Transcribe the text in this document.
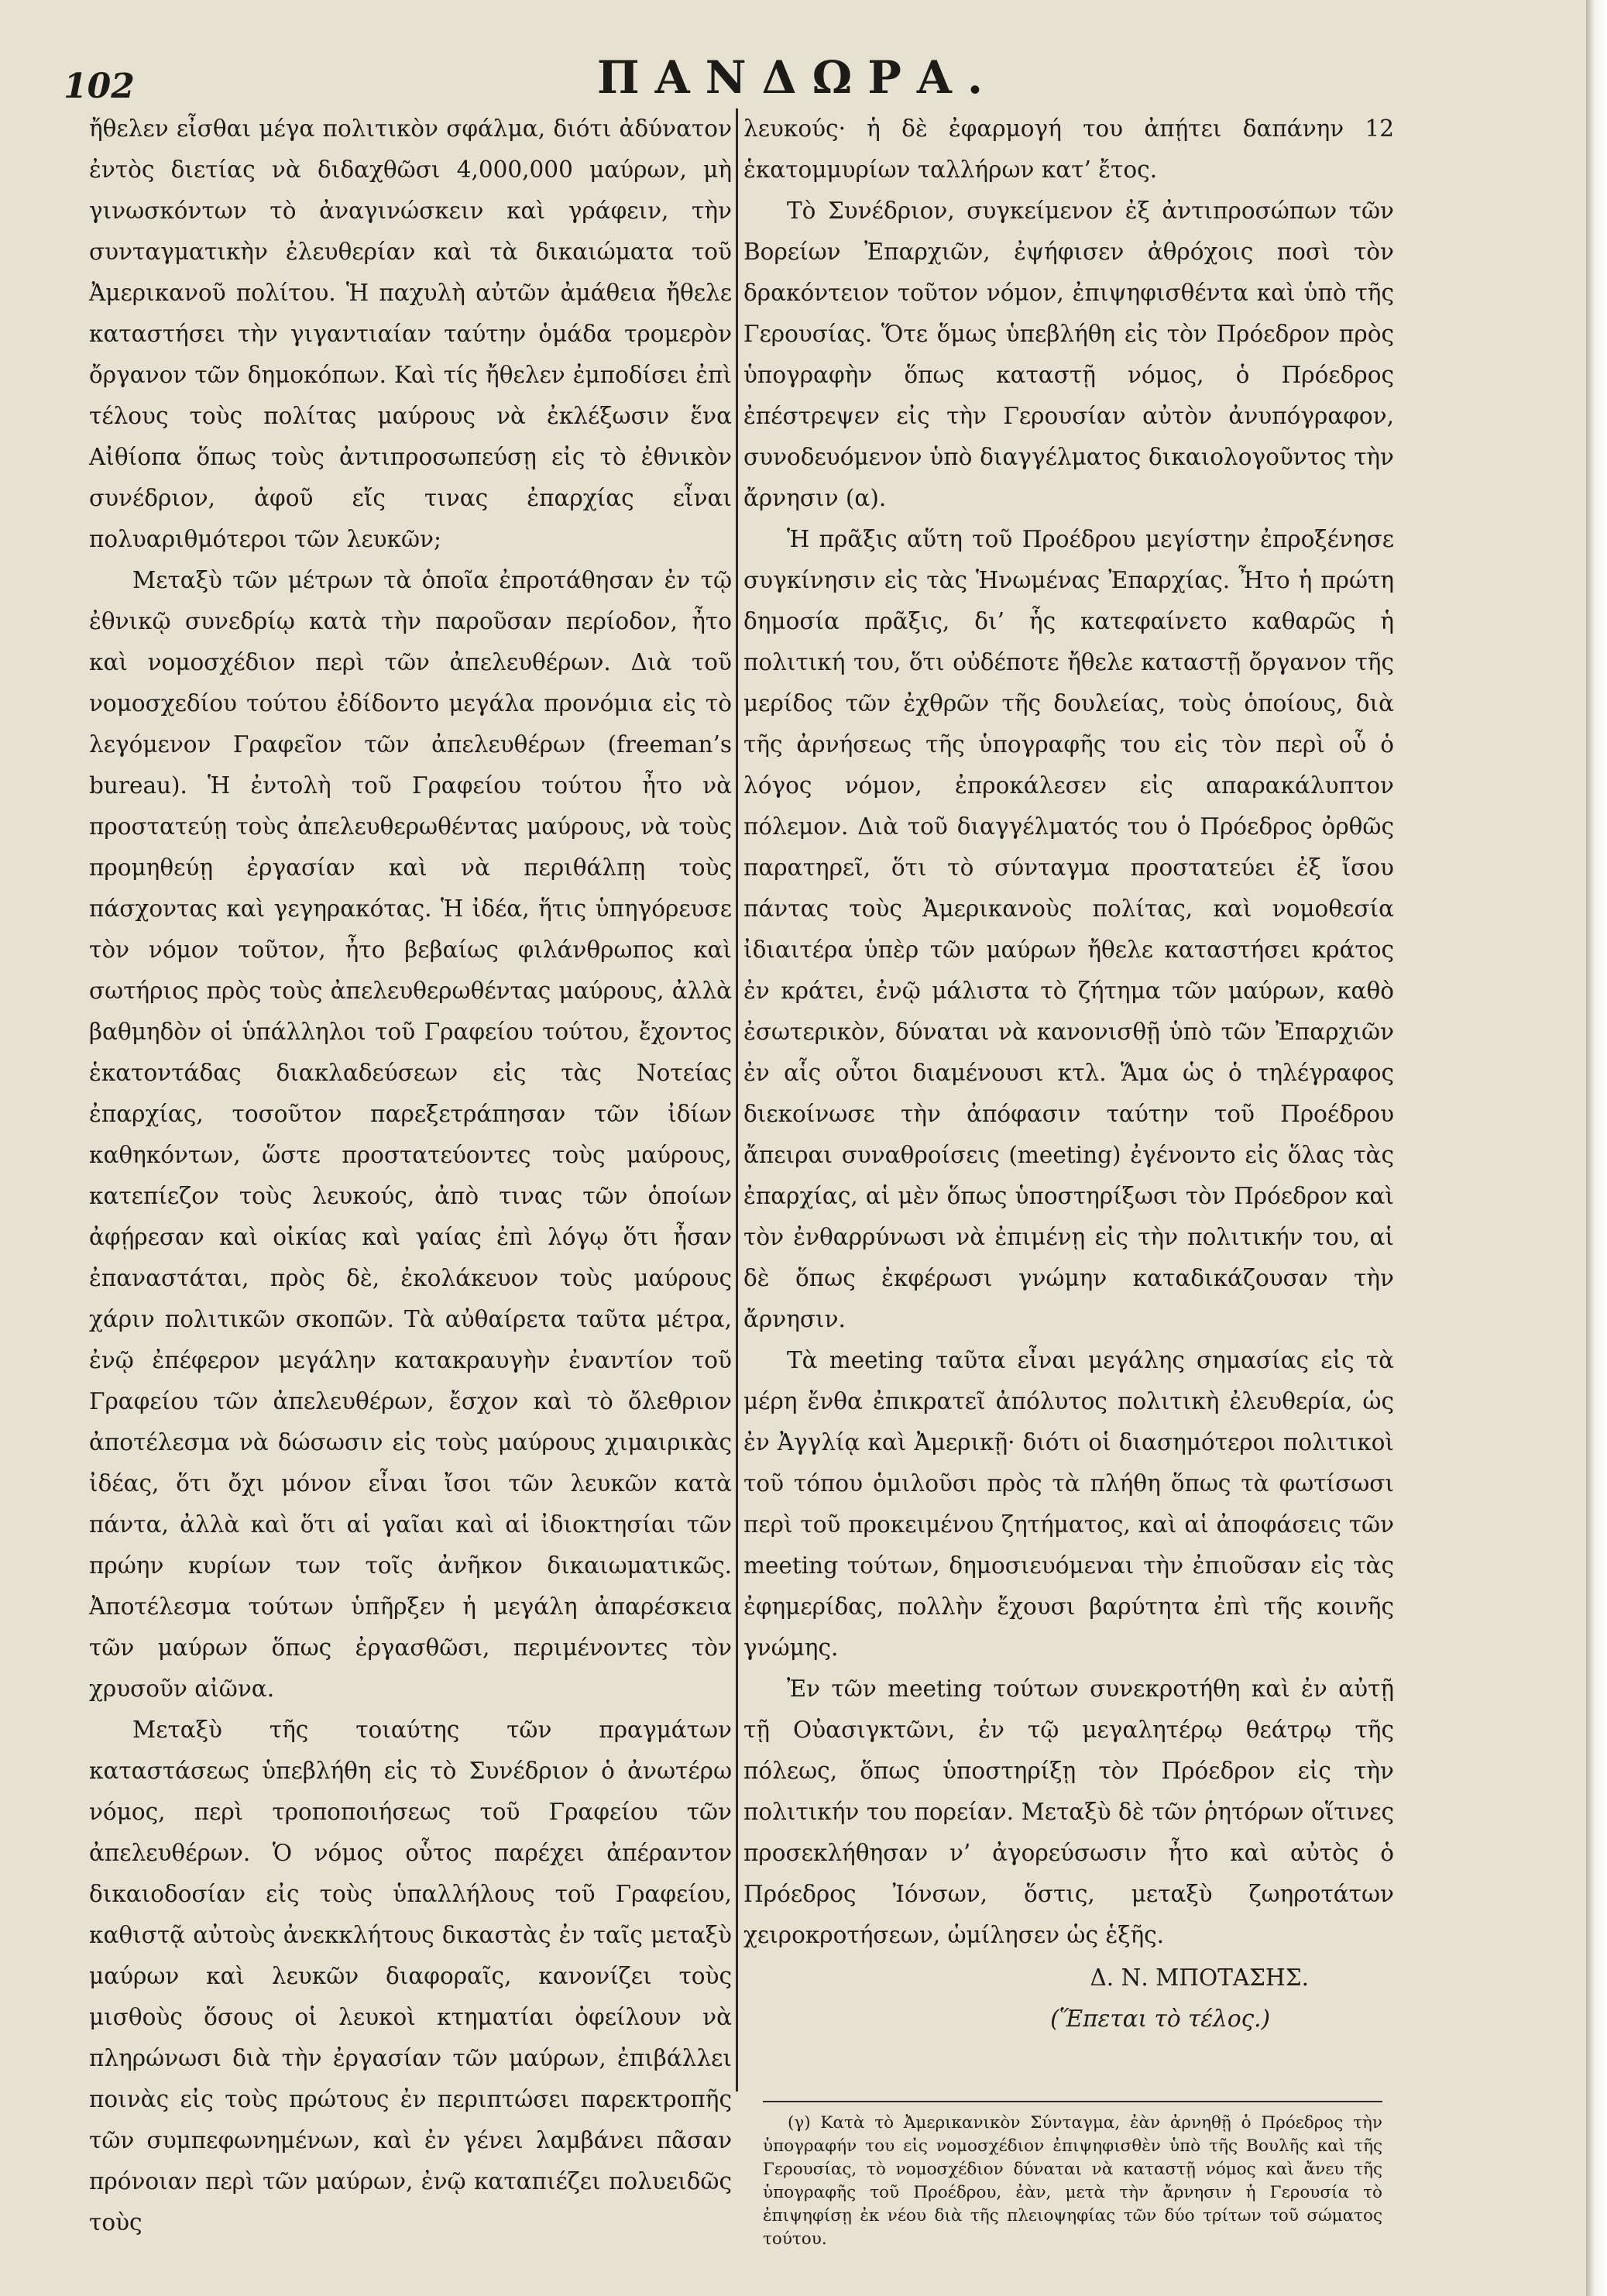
102	ΠΑΝΔΩΡΑ.

ἤθελεν εἶσθαι μέγα πολιτικὸν σφάλμα, διότι ἀδύνατον ἐντὸς διετίας νὰ διδαχθῶσι 4,000,000 μαύρων, μὴ γινωσκόντων τὸ ἀναγινώσκειν καὶ γράφειν, τὴν συνταγματικὴν ἐλευθερίαν καὶ τὰ δικαιώματα τοῦ Ἀμερικανοῦ πολίτου. Ἡ παχυλὴ αὐτῶν ἀμάθεια ἤθελε καταστήσει τὴν γιγαντιαίαν ταύτην ὁμάδα τρομερὸν ὄργανον τῶν δημοκόπων. Καὶ τίς ἤθελεν ἐμποδίσει ἐπὶ τέλους τοὺς πολίτας μαύρους νὰ ἐκλέξωσιν ἕνα Αἰθίοπα ὅπως τοὺς ἀντιπροσωπεύσῃ εἰς τὸ ἐθνικὸν συνέδριον, ἀφοῦ εἴς τινας ἐπαρχίας εἶναι πολυαριθμότεροι τῶν λευκῶν;

Μεταξὺ τῶν μέτρων τὰ ὁποῖα ἐπροτάθησαν ἐν τῷ ἐθνικῷ συνεδρίῳ κατὰ τὴν παροῦσαν περίοδον, ἦτο καὶ νομοσχέδιον περὶ τῶν ἀπελευθέρων. Διὰ τοῦ νομοσχεδίου τούτου ἐδίδοντο μεγάλα προνόμια εἰς τὸ λεγόμενον Γραφεῖον τῶν ἀπελευθέρων (freeman’s bureau). Ἡ ἐντολὴ τοῦ Γραφείου τούτου ἦτο νὰ προστατεύῃ τοὺς ἀπελευθερωθέντας μαύρους, νὰ τοὺς προμηθεύῃ ἐργασίαν καὶ νὰ περιθάλπῃ τοὺς πάσχοντας καὶ γεγηρακότας. Ἡ ἰδέα, ἥτις ὑπηγόρευσε τὸν νόμον τοῦτον, ἦτο βεβαίως φιλάνθρωπος καὶ σωτήριος πρὸς τοὺς ἀπελευθερωθέντας μαύρους, ἀλλὰ βαθμηδὸν οἱ ὑπάλληλοι τοῦ Γραφείου τούτου, ἔχοντος ἑκατοντάδας διακλαδεύσεων εἰς τὰς Νοτείας ἐπαρχίας, τοσοῦτον παρεξετράπησαν τῶν ἰδίων καθηκόντων, ὥστε προστατεύοντες τοὺς μαύρους, κατεπίεζον τοὺς λευκούς, ἀπὸ τινας τῶν ὁποίων ἀφῄρεσαν καὶ οἰκίας καὶ γαίας ἐπὶ λόγῳ ὅτι ἦσαν ἐπαναστάται, πρὸς δὲ, ἐκολάκευον τοὺς μαύρους χάριν πολιτικῶν σκοπῶν. Τὰ αὐθαίρετα ταῦτα μέτρα, ἐνῷ ἐπέφερον μεγάλην κατακραυγὴν ἐναντίον τοῦ Γραφείου τῶν ἀπελευθέρων, ἔσχον καὶ τὸ ὄλεθριον ἀποτέλεσμα νὰ δώσωσιν εἰς τοὺς μαύρους χιμαιρικὰς ἰδέας, ὅτι ὄχι μόνον εἶναι ἴσοι τῶν λευκῶν κατὰ πάντα, ἀλλὰ καὶ ὅτι αἱ γαῖαι καὶ αἱ ἰδιοκτησίαι τῶν πρώην κυρίων των τοῖς ἀνῆκον δικαιωματικῶς. Ἀποτέλεσμα τούτων ὑπῆρξεν ἡ μεγάλη ἀπαρέσκεια τῶν μαύρων ὅπως ἐργασθῶσι, περιμένοντες τὸν χρυσοῦν αἰῶνα.

Μεταξὺ τῆς τοιαύτης τῶν πραγμάτων καταστάσεως ὑπεβλήθη εἰς τὸ Συνέδριον ὁ ἀνωτέρω νόμος, περὶ τροποποιήσεως τοῦ Γραφείου τῶν ἀπελευθέρων. Ὁ νόμος οὗτος παρέχει ἀπέραντον δικαιοδοσίαν εἰς τοὺς ὑπαλλήλους τοῦ Γραφείου, καθιστᾷ αὐτοὺς ἀνεκκλήτους δικαστὰς ἐν ταῖς μεταξὺ μαύρων καὶ λευκῶν διαφοραῖς, κανονίζει τοὺς μισθοὺς ὅσους οἱ λευκοὶ κτηματίαι ὀφείλουν νὰ πληρώνωσι διὰ τὴν ἐργασίαν τῶν μαύρων, ἐπιβάλλει ποινὰς εἰς τοὺς πρώτους ἐν περιπτώσει παρεκτροπῆς τῶν συμπεφωνημένων, καὶ ἐν γένει λαμβάνει πᾶσαν πρόνοιαν περὶ τῶν μαύρων, ἐνῷ καταπιέζει πολυειδῶς τοὺς

λευκούς· ἡ δὲ ἐφαρμογή του ἀπῄτει δαπάνην 12 ἑκατομμυρίων ταλλήρων κατ’ ἔτος.

Τὸ Συνέδριον, συγκείμενον ἐξ ἀντιπροσώπων τῶν Βορείων Ἐπαρχιῶν, ἐψήφισεν ἀθρόχοις ποσὶ τὸν δρακόντειον τοῦτον νόμον, ἐπιψηφισθέντα καὶ ὑπὸ τῆς Γερουσίας. Ὅτε ὅμως ὑπεβλήθη εἰς τὸν Πρόεδρον πρὸς ὑπογραφὴν ὅπως καταστῇ νόμος, ὁ Πρόεδρος ἐπέστρεψεν εἰς τὴν Γερουσίαν αὐτὸν ἀνυπόγραφον, συνοδευόμενον ὑπὸ διαγγέλματος δικαιολογοῦντος τὴν ἄρνησιν (α).

Ἡ πρᾶξις αὕτη τοῦ Προέδρου μεγίστην ἐπροξένησε συγκίνησιν εἰς τὰς Ἡνωμένας Ἐπαρχίας. Ἦτο ἡ πρώτη δημοσία πρᾶξις, δι’ ἧς κατεφαίνετο καθαρῶς ἡ πολιτική του, ὅτι οὐδέποτε ἤθελε καταστῇ ὄργανον τῆς μερίδος τῶν ἐχθρῶν τῆς δουλείας, τοὺς ὁποίους, διὰ τῆς ἀρνήσεως τῆς ὑπογραφῆς του εἰς τὸν περὶ οὗ ὁ λόγος νόμον, ἐπροκάλεσεν εἰς απαρακάλυπτον πόλεμον. Διὰ τοῦ διαγγέλματός του ὁ Πρόεδρος ὀρθῶς παρατηρεῖ, ὅτι τὸ σύνταγμα προστατεύει ἐξ ἴσου πάντας τοὺς Ἀμερικανοὺς πολίτας, καὶ νομοθεσία ἰδιαιτέρα ὑπὲρ τῶν μαύρων ἤθελε καταστήσει κράτος ἐν κράτει, ἐνῷ μάλιστα τὸ ζήτημα τῶν μαύρων, καθὸ ἐσωτερικὸν, δύναται νὰ κανονισθῇ ὑπὸ τῶν Ἐπαρχιῶν ἐν αἷς οὗτοι διαμένουσι κτλ. Ἅμα ὡς ὁ τηλέγραφος διεκοίνωσε τὴν ἀπόφασιν ταύτην τοῦ Προέδρου ἄπειραι συναθροίσεις (meeting) ἐγένοντο εἰς ὅλας τὰς ἐπαρχίας, αἱ μὲν ὅπως ὑποστηρίξωσι τὸν Πρόεδρον καὶ τὸν ἐνθαρρύνωσι νὰ ἐπιμένῃ εἰς τὴν πολιτικήν του, αἱ δὲ ὅπως ἐκφέρωσι γνώμην καταδικάζουσαν τὴν ἄρνησιν.

Τὰ meeting ταῦτα εἶναι μεγάλης σημασίας εἰς τὰ μέρη ἔνθα ἐπικρατεῖ ἀπόλυτος πολιτικὴ ἐλευθερία, ὡς ἐν Ἀγγλίᾳ καὶ Ἀμερικῇ· διότι οἱ διασημότεροι πολιτικοὶ τοῦ τόπου ὁμιλοῦσι πρὸς τὰ πλήθη ὅπως τὰ φωτίσωσι περὶ τοῦ προκειμένου ζητήματος, καὶ αἱ ἀποφάσεις τῶν meeting τούτων, δημοσιευόμεναι τὴν ἐπιοῦσαν εἰς τὰς ἐφημερίδας, πολλὴν ἔχουσι βαρύτητα ἐπὶ τῆς κοινῆς γνώμης.

Ἐν τῶν meeting τούτων συνεκροτήθη καὶ ἐν αὐτῇ τῇ Οὐασιγκτῶνι, ἐν τῷ μεγαλητέρῳ θεάτρῳ τῆς πόλεως, ὅπως ὑποστηρίξῃ τὸν Πρόεδρον εἰς τὴν πολιτικήν του πορείαν. Μεταξὺ δὲ τῶν ῥητόρων οἵτινες προσεκλήθησαν ν’ ἀγορεύσωσιν ἦτο καὶ αὐτὸς ὁ Πρόεδρος Ἰόνσων, ὅστις, μεταξὺ ζωηροτάτων χειροκροτήσεων, ὡμίλησεν ὡς ἑξῆς.

Δ. Ν. ΜΠΟΤΑΣΗΣ.
(Ἕπεται τὸ τέλος.)
(γ) Κατὰ τὸ Ἀμερικανικὸν Σύνταγμα, ἐὰν ἀρνηθῇ ὁ Πρόεδρος τὴν ὑπογραφήν του εἰς νομοσχέδιον ἐπιψηφισθὲν ὑπὸ τῆς Βουλῆς καὶ τῆς Γερουσίας, τὸ νομοσχέδιον δύναται νὰ καταστῇ νόμος καὶ ἄνευ τῆς ὑπογραφῆς τοῦ Προέδρου, ἐὰν, μετὰ τὴν ἄρνησιν ἡ Γερουσία τὸ ἐπιψηφίσῃ ἐκ νέου διὰ τῆς πλειοψηφίας τῶν δύο τρίτων τοῦ σώματος τούτου.
